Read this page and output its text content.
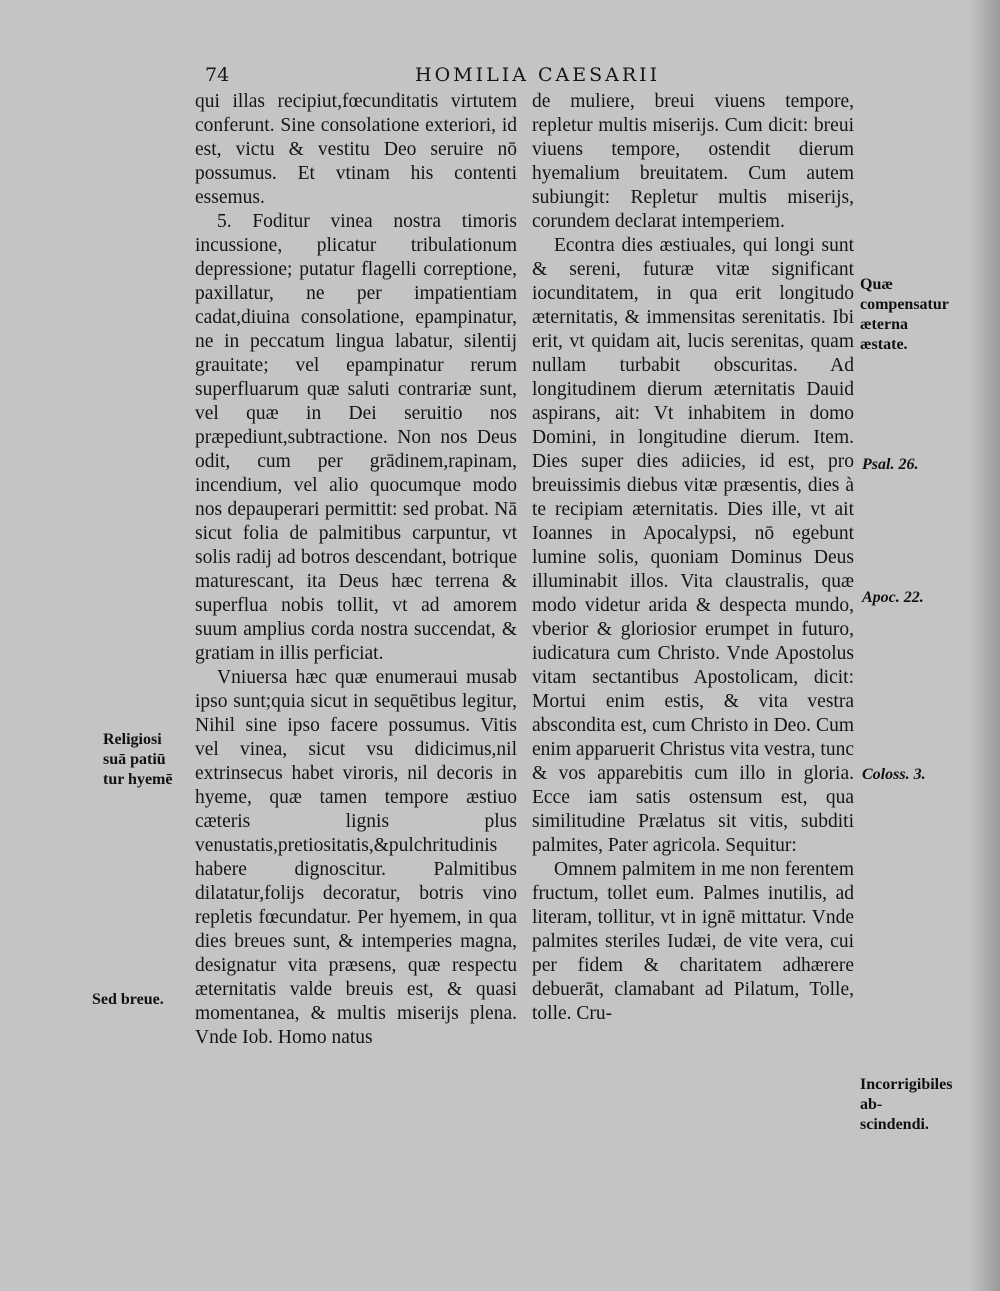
74	HOMILIA CAESARII

qui illas recipiut,fœcunditatis virtutem conferunt. Sine consolatione exteriori, id est, victu & vestitu Deo seruire nō possumus. Et vtinam his contenti essemus.

5. Foditur vinea nostra timoris incussione, plicatur tribulationum depressione; putatur flagelli correptione, paxillatur, ne per impatientiam cadat,diuina consolatione, epampinatur, ne in peccatum lingua labatur, silentij grauitate; vel epampinatur rerum superfluarum quæ saluti contrariæ sunt, vel quæ in Dei seruitio nos præpediunt,subtractione. Non nos Deus odit, cum per grādinem,rapinam, incendium, vel alio quocumque modo nos depauperari permittit: sed probat. Nā sicut folia de palmitibus carpuntur, vt solis radij ad botros descendant, botrique maturescant, ita Deus hæc terrena & superflua nobis tollit, vt ad amorem suum amplius corda nostra succendat, & gratiam in illis perficiat.

Vniuersa hæc quæ enumeraui musab ipso sunt;quia sicut in sequētibus legitur, Nihil sine ipso facere possumus. Vitis vel vinea, sicut vsu didicimus,nil extrinsecus habet viroris, nil decoris in hyeme, quæ tamen tempore æstiuo cæteris lignis plus venustatis,pretiositatis,&pulchritudinis habere dignoscitur. Palmitibus dilatatur,folijs decoratur, botris vino repletis fœcundatur. Per hyemem, in qua dies breues sunt, & intemperies magna, designatur vita præsens, quæ respectu æternitatis valde breuis est, & quasi momentanea, & multis miserijs plena. Vnde Iob. Homo natus

de muliere, breui viuens tempore, repletur multis miserijs. Cum dicit: breui viuens tempore, ostendit dierum hyemalium breuitatem. Cum autem subiungit: Repletur multis miserijs, corundem declarat intemperiem.

Econtra dies æstiuales, qui longi sunt & sereni, futuræ vitæ significant iocunditatem, in qua erit longitudo æternitatis, & immensitas serenitatis. Ibi erit, vt quidam ait, lucis serenitas, quam nullam turbabit obscuritas. Ad longitudinem dierum æternitatis Dauid aspirans, ait: Vt inhabitem in domo Domini, in longitudine dierum. Item. Dies super dies adiicies, id est, pro breuissimis diebus vitæ præsentis, dies à te recipiam æternitatis. Dies ille, vt ait Ioannes in Apocalypsi, nō egebunt lumine solis, quoniam Dominus Deus illuminabit illos. Vita claustralis, quæ modo videtur arida & despecta mundo, vberior & gloriosior erumpet in futuro, iudicatura cum Christo. Vnde Apostolus vitam sectantibus Apostolicam, dicit: Mortui enim estis, & vita vestra abscondita est, cum Christo in Deo. Cum enim apparuerit Christus vita vestra, tunc & vos apparebitis cum illo in gloria. Ecce iam satis ostensum est, qua similitudine Prælatus sit vitis, subditi palmites, Pater agricola. Sequitur:

Omnem palmitem in me non ferentem fructum, tollet eum. Palmes inutilis, ad literam, tollitur, vt in ignē mittatur. Vnde palmites steriles Iudæi, de vite vera, cui per fidem & charitatem adhærere debuerāt, clamabant ad Pilatum, Tolle, tolle. Cru-

Religiosi
suā patiū
tur hyemē
Sed breue.
Quæ compensatur
æterna
æstate.
Psal. 26.
Apoc. 22.
Coloss. 3.
Incorrigibiles ab-
scindendi.
